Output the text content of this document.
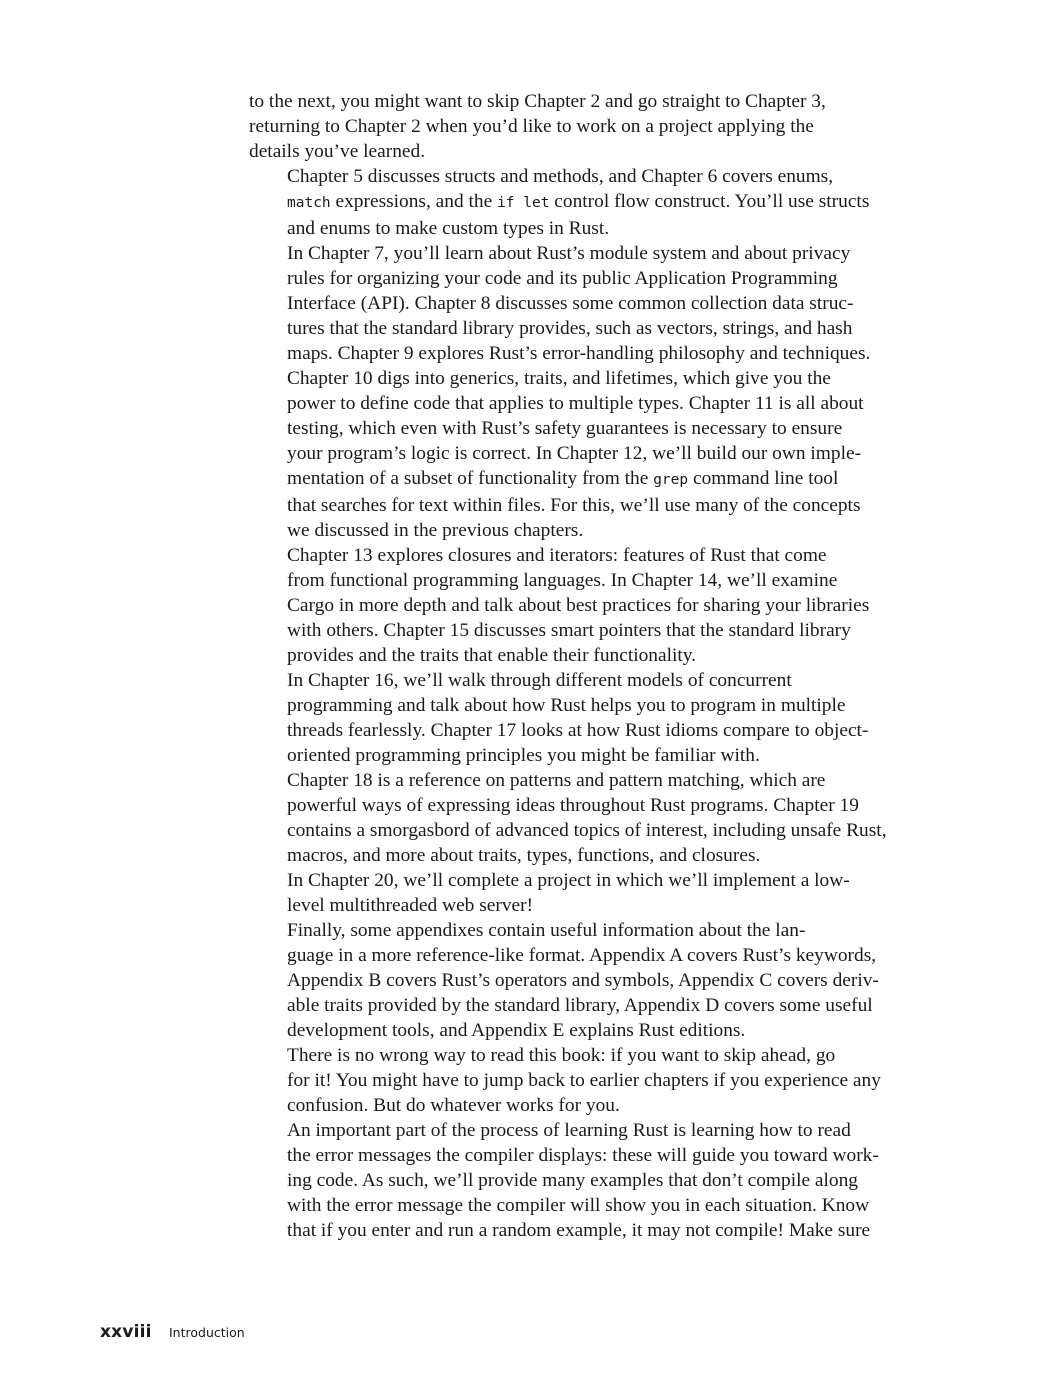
to the next, you might want to skip Chapter 2 and go straight to Chapter 3,
returning to Chapter 2 when you’d like to work on a project applying the
details you’ve learned.

Chapter 5 discusses structs and methods, and Chapter 6 covers enums,
match expressions, and the if let control flow construct. You’ll use structs
and enums to make custom types in Rust.

In Chapter 7, you’ll learn about Rust’s module system and about privacy
rules for organizing your code and its public Application Programming
Interface (API). Chapter 8 discusses some common collection data struc-
tures that the standard library provides, such as vectors, strings, and hash
maps. Chapter 9 explores Rust’s error-handling philosophy and techniques.

Chapter 10 digs into generics, traits, and lifetimes, which give you the
power to define code that applies to multiple types. Chapter 11 is all about
testing, which even with Rust’s safety guarantees is necessary to ensure
your program’s logic is correct. In Chapter 12, we’ll build our own imple-
mentation of a subset of functionality from the grep command line tool
that searches for text within files. For this, we’ll use many of the concepts
we discussed in the previous chapters.

Chapter 13 explores closures and iterators: features of Rust that come
from functional programming languages. In Chapter 14, we’ll examine
Cargo in more depth and talk about best practices for sharing your libraries
with others. Chapter 15 discusses smart pointers that the standard library
provides and the traits that enable their functionality.

In Chapter 16, we’ll walk through different models of concurrent
programming and talk about how Rust helps you to program in multiple
threads fearlessly. Chapter 17 looks at how Rust idioms compare to object-
oriented programming principles you might be familiar with.

Chapter 18 is a reference on patterns and pattern matching, which are
powerful ways of expressing ideas throughout Rust programs. Chapter 19
contains a smorgasbord of advanced topics of interest, including unsafe Rust,
macros, and more about traits, types, functions, and closures.

In Chapter 20, we’ll complete a project in which we’ll implement a low-
level multithreaded web server!

Finally, some appendixes contain useful information about the lan-
guage in a more reference-like format. Appendix A covers Rust’s keywords,
Appendix B covers Rust’s operators and symbols, Appendix C covers deriv-
able traits provided by the standard library, Appendix D covers some useful
development tools, and Appendix E explains Rust editions.

There is no wrong way to read this book: if you want to skip ahead, go
for it! You might have to jump back to earlier chapters if you experience any
confusion. But do whatever works for you.

An important part of the process of learning Rust is learning how to read
the error messages the compiler displays: these will guide you toward work-
ing code. As such, we’ll provide many examples that don’t compile along
with the error message the compiler will show you in each situation. Know
that if you enter and run a random example, it may not compile! Make sure

xxviii Introduction
